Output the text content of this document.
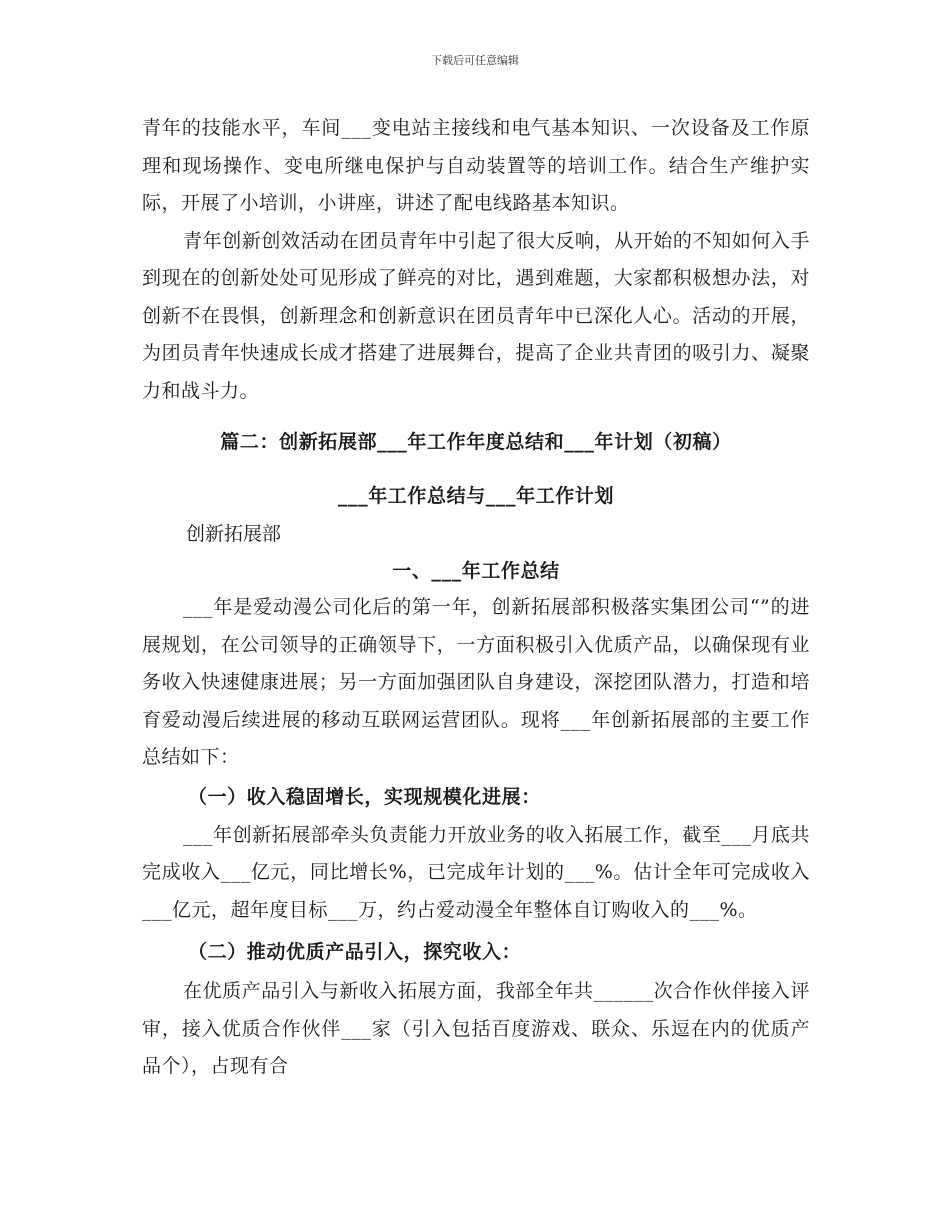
下载后可任意编辑

青年的技能水平，车间___变电站主接线和电气基本知识、一次设备及工作原理和现场操作、变电所继电保护与自动装置等的培训工作。结合生产维护实际，开展了小培训，小讲座，讲述了配电线路基本知识。

青年创新创效活动在团员青年中引起了很大反响，从开始的不知如何入手到现在的创新处处可见形成了鲜亮的对比，遇到难题，大家都积极想办法，对创新不在畏惧，创新理念和创新意识在团员青年中已深化人心。活动的开展，为团员青年快速成长成才搭建了进展舞台，提高了企业共青团的吸引力、凝聚力和战斗力。

篇二：创新拓展部___年工作年度总结和___年计划（初稿）

___年工作总结与___年工作计划

创新拓展部

一、___年工作总结

___年是爱动漫公司化后的第一年，创新拓展部积极落实集团公司“”的进展规划，在公司领导的正确领导下，一方面积极引入优质产品，以确保现有业务收入快速健康进展；另一方面加强团队自身建设，深挖团队潜力，打造和培育爱动漫后续进展的移动互联网运营团队。现将___年创新拓展部的主要工作总结如下：

（一）收入稳固增长，实现规模化进展：

___年创新拓展部牵头负责能力开放业务的收入拓展工作，截至___月底共完成收入___亿元，同比增长%，已完成年计划的___%。估计全年可完成收入___亿元，超年度目标___万，约占爱动漫全年整体自订购收入的___%。

（二）推动优质产品引入，探究收入：

在优质产品引入与新收入拓展方面，我部全年共______次合作伙伴接入评审，接入优质合作伙伴___家（引入包括百度游戏、联众、乐逗在内的优质产品个），占现有合
